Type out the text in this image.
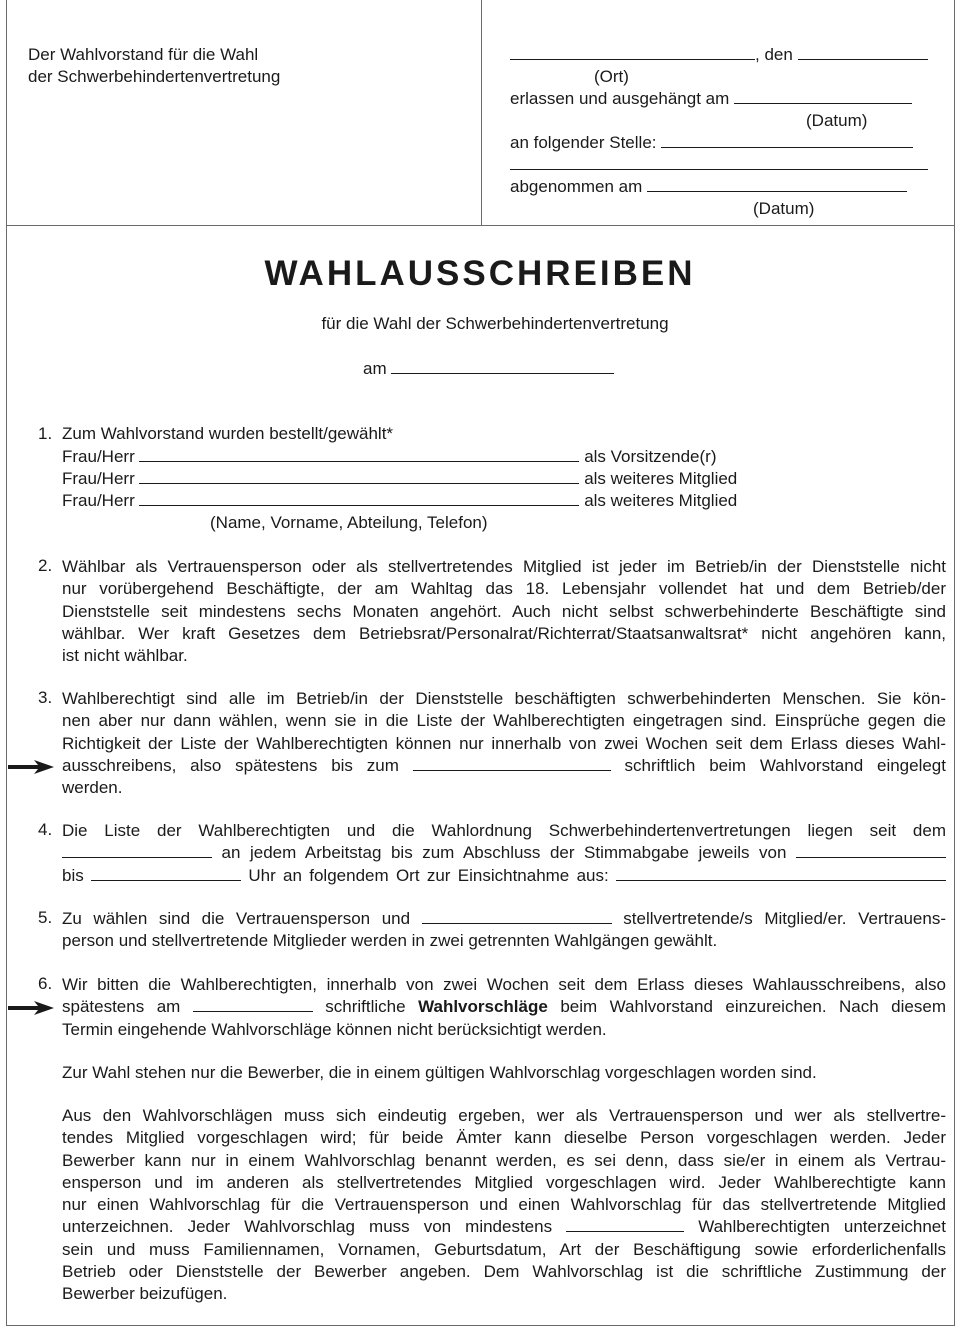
Der Wahlvorstand für die Wahl
der Schwerbehindertenvertretung
, den
(Ort)
erlassen und ausgehängt am
(Datum)
an folgender Stelle:
abgenommen am
(Datum)
WAHLAUSSCHREIBEN
für die Wahl der Schwerbehindertenvertretung
am
1. Zum Wahlvorstand wurden bestellt/gewählt*
Frau/Herr	als Vorsitzende(r)
Frau/Herr	als weiteres Mitglied
Frau/Herr	als weiteres Mitglied
(Name, Vorname, Abteilung, Telefon)
2. Wählbar als Vertrauensperson oder als stellvertretendes Mitglied ist jeder im Betrieb/in der Dienststelle nicht
nur vorübergehend Beschäftigte, der am Wahltag das 18. Lebensjahr vollendet hat und dem Betrieb/der
Dienststelle seit mindestens sechs Monaten angehört. Auch nicht selbst schwerbehinderte Beschäftigte sind
wählbar. Wer kraft Gesetzes dem Betriebsrat/Personalrat/Richterrat/Staatsanwaltsrat* nicht angehören kann,
ist nicht wählbar.
3. Wahlberechtigt sind alle im Betrieb/in der Dienststelle beschäftigten schwerbehinderten Menschen. Sie kön-
nen aber nur dann wählen, wenn sie in die Liste der Wahlberechtigten eingetragen sind. Einsprüche gegen die
Richtigkeit der Liste der Wahlberechtigten können nur innerhalb von zwei Wochen seit dem Erlass dieses Wahl-
ausschreibens, also spätestens bis zum	schriftlich beim Wahlvorstand eingelegt
werden.
4. Die Liste der Wahlberechtigten und die Wahlordnung Schwerbehindertenvertretungen liegen seit dem
an jedem Arbeitstag bis zum Abschluss der Stimmabgabe jeweils von
bis	Uhr an folgendem Ort zur Einsichtnahme aus:
5. Zu wählen sind die Vertrauensperson und	stellvertretende/s Mitglied/er. Vertrauens-
person und stellvertretende Mitglieder werden in zwei getrennten Wahlgängen gewählt.
6. Wir bitten die Wahlberechtigten, innerhalb von zwei Wochen seit dem Erlass dieses Wahlausschreibens, also
spätestens am	schriftliche Wahlvorschläge beim Wahlvorstand einzureichen. Nach diesem
Termin eingehende Wahlvorschläge können nicht berücksichtigt werden.
Zur Wahl stehen nur die Bewerber, die in einem gültigen Wahlvorschlag vorgeschlagen worden sind.
Aus den Wahlvorschlägen muss sich eindeutig ergeben, wer als Vertrauensperson und wer als stellvertre-
tendes Mitglied vorgeschlagen wird; für beide Ämter kann dieselbe Person vorgeschlagen werden. Jeder
Bewerber kann nur in einem Wahlvorschlag benannt werden, es sei denn, dass sie/er in einem als Vertrau-
ensperson und im anderen als stellvertretendes Mitglied vorgeschlagen wird. Jeder Wahlberechtigte kann
nur einen Wahlvorschlag für die Vertrauensperson und einen Wahlvorschlag für das stellvertretende Mitglied
unterzeichnen. Jeder Wahlvorschlag muss von mindestens	Wahlberechtigten unterzeichnet
sein und muss Familiennamen, Vornamen, Geburtsdatum, Art der Beschäftigung sowie erforderlichenfalls
Betrieb oder Dienststelle der Bewerber angeben. Dem Wahlvorschlag ist die schriftliche Zustimmung der
Bewerber beizufügen.
